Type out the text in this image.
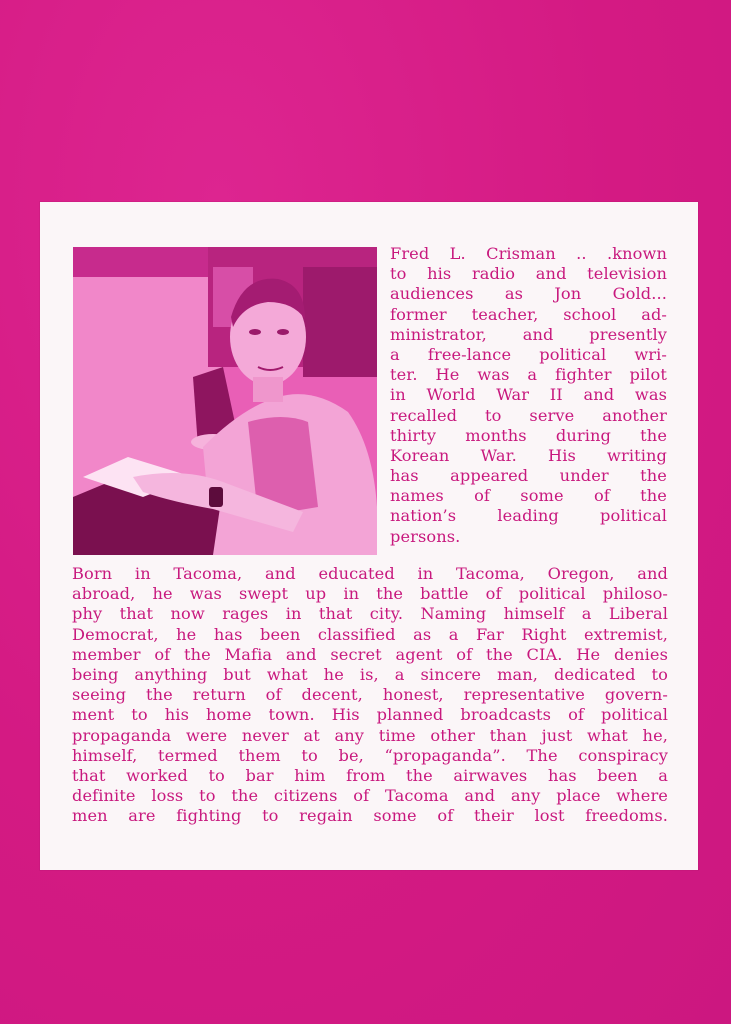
Fred L. Crisman .. .known
to his radio and television
audiences as Jon Gold...
former teacher, school ad-
ministrator, and presently
a free-lance political wri-
ter. He was a fighter pilot
in World War II and was
recalled to serve another
thirty months during the
Korean War. His writing
has appeared under the
names of some of the
nation’s leading political
persons.
Born in Tacoma, and educated in Tacoma, Oregon, and
abroad, he was swept up in the battle of political philoso-
phy that now rages in that city. Naming himself a Liberal
Democrat, he has been classified as a Far Right extremist,
member of the Mafia and secret agent of the CIA. He denies
being anything but what he is, a sincere man, dedicated to
seeing the return of decent, honest, representative govern-
ment to his home town. His planned broadcasts of political
propaganda were never at any time other than just what he,
himself, termed them to be, “propaganda”. The conspiracy
that worked to bar him from the airwaves has been a
definite loss to the citizens of Tacoma and any place where
men are fighting to regain some of their lost freedoms.
